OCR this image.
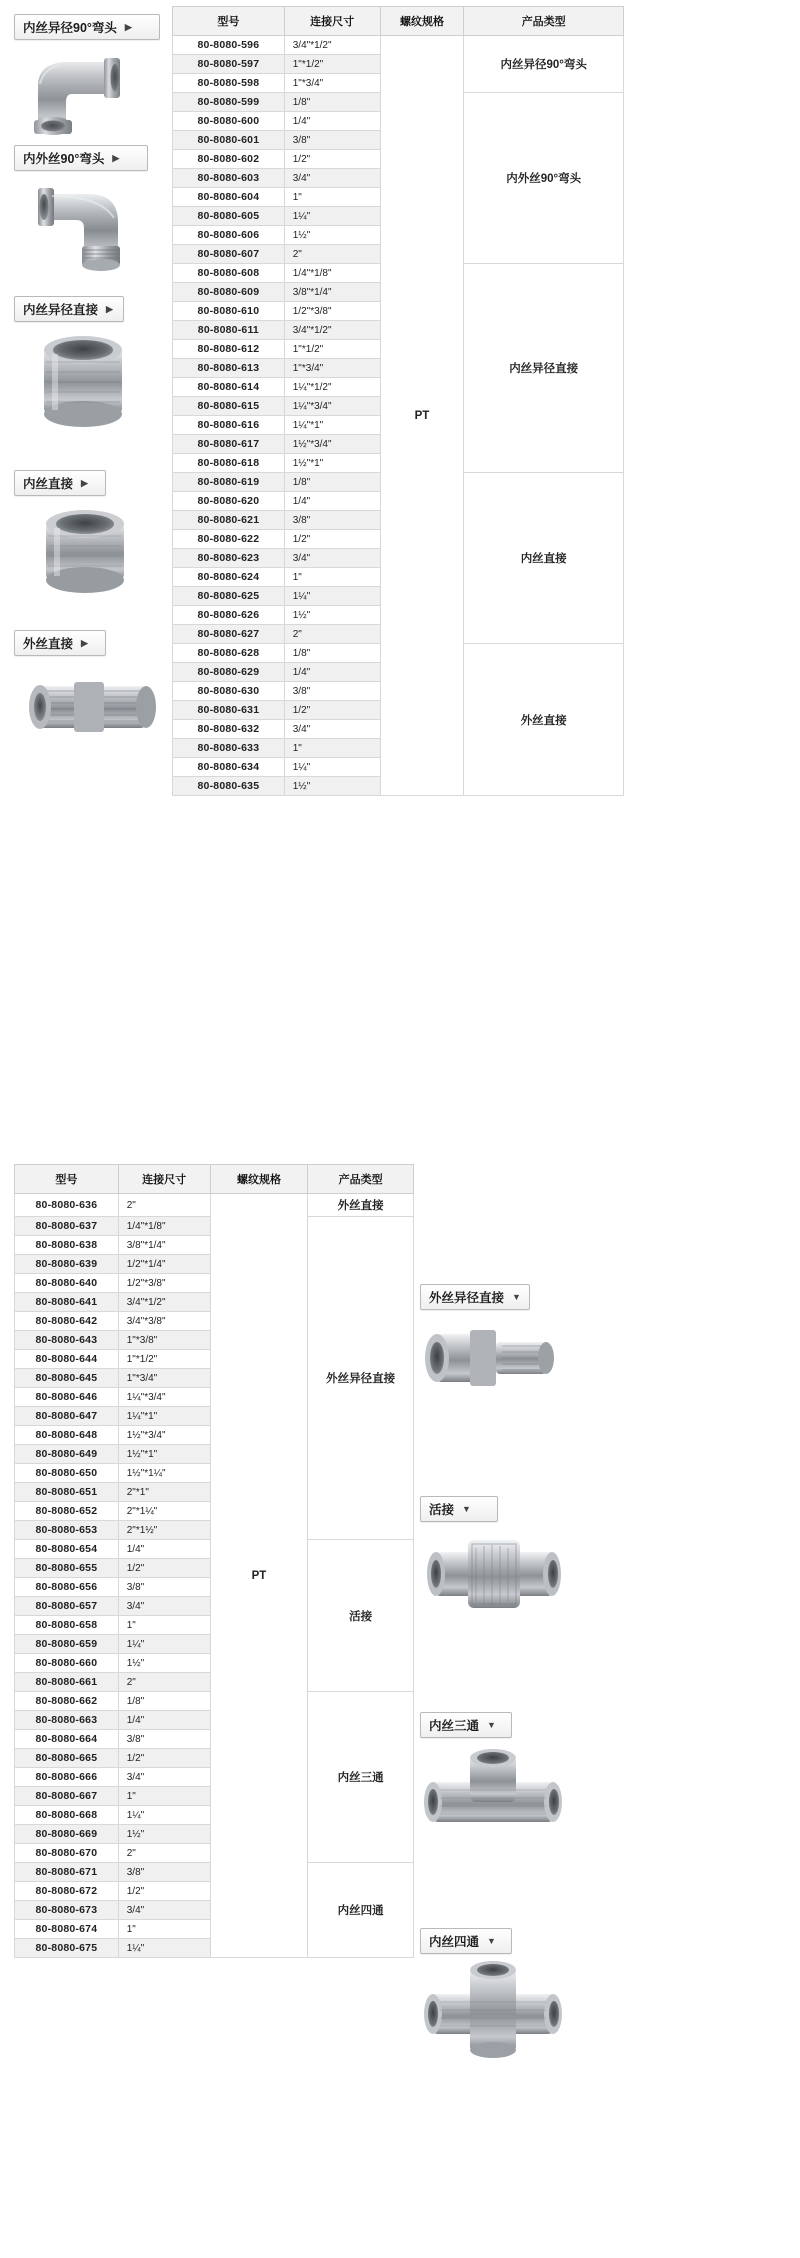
内丝异径90°弯头 ▶
内外丝90°弯头 ▶
内丝异径直接 ▶
内丝直接 ▶
外丝直接 ▶
型号	连接尺寸	螺纹规格	产品类型
80-8080-596	3/4"*1/2"	PT	内丝异径90°弯头
80-8080-597	1"*1/2"		
80-8080-598	1"*3/4"		
80-8080-599	1/8"		内外丝90°弯头
80-8080-600	1/4"		
80-8080-601	3/8"		
80-8080-602	1/2"		
80-8080-603	3/4"		
80-8080-604	1"		
80-8080-605	1¼"		
80-8080-606	1½"		
80-8080-607	2"		
80-8080-608	1/4"*1/8"		内丝异径直接
80-8080-609	3/8"*1/4"		
80-8080-610	1/2"*3/8"		
80-8080-611	3/4"*1/2"		
80-8080-612	1"*1/2"		
80-8080-613	1"*3/4"		
80-8080-614	1¼"*1/2"		
80-8080-615	1¼"*3/4"		
80-8080-616	1¼"*1"		
80-8080-617	1½"*3/4"		
80-8080-618	1½"*1"		
80-8080-619	1/8"		内丝直接
80-8080-620	1/4"		
80-8080-621	3/8"		
80-8080-622	1/2"		
80-8080-623	3/4"		
80-8080-624	1"		
80-8080-625	1¼"		
80-8080-626	1½"		
80-8080-627	2"		
80-8080-628	1/8"		外丝直接
80-8080-629	1/4"		
80-8080-630	3/8"		
80-8080-631	1/2"		
80-8080-632	3/4"		
80-8080-633	1"		
80-8080-634	1¼"		
80-8080-635	1½"		
型号	连接尺寸	螺纹规格	产品类型
80-8080-636	2"	PT	外丝直接
80-8080-637	1/4"*1/8"		外丝异径直接
80-8080-638	3/8"*1/4"		
80-8080-639	1/2"*1/4"		
80-8080-640	1/2"*3/8"		
80-8080-641	3/4"*1/2"		
80-8080-642	3/4"*3/8"		
80-8080-643	1"*3/8"		
80-8080-644	1"*1/2"		
80-8080-645	1"*3/4"		
80-8080-646	1¼"*3/4"		
80-8080-647	1¼"*1"		
80-8080-648	1½"*3/4"		
80-8080-649	1½"*1"		
80-8080-650	1½"*1¼"		
80-8080-651	2"*1"		
80-8080-652	2"*1¼"		
80-8080-653	2"*1½"		
80-8080-654	1/4"		活接
80-8080-655	1/2"		
80-8080-656	3/8"		
80-8080-657	3/4"		
80-8080-658	1"		
80-8080-659	1¼"		
80-8080-660	1½"		
80-8080-661	2"		
80-8080-662	1/8"		内丝三通
80-8080-663	1/4"		
80-8080-664	3/8"		
80-8080-665	1/2"		
80-8080-666	3/4"		
80-8080-667	1"		
80-8080-668	1¼"		
80-8080-669	1½"		
80-8080-670	2"		
80-8080-671	3/8"		内丝四通
80-8080-672	1/2"		
80-8080-673	3/4"		
80-8080-674	1"		
80-8080-675	1¼"		
外丝异径直接 ▼
活接 ▼
内丝三通 ▼
内丝四通 ▼
